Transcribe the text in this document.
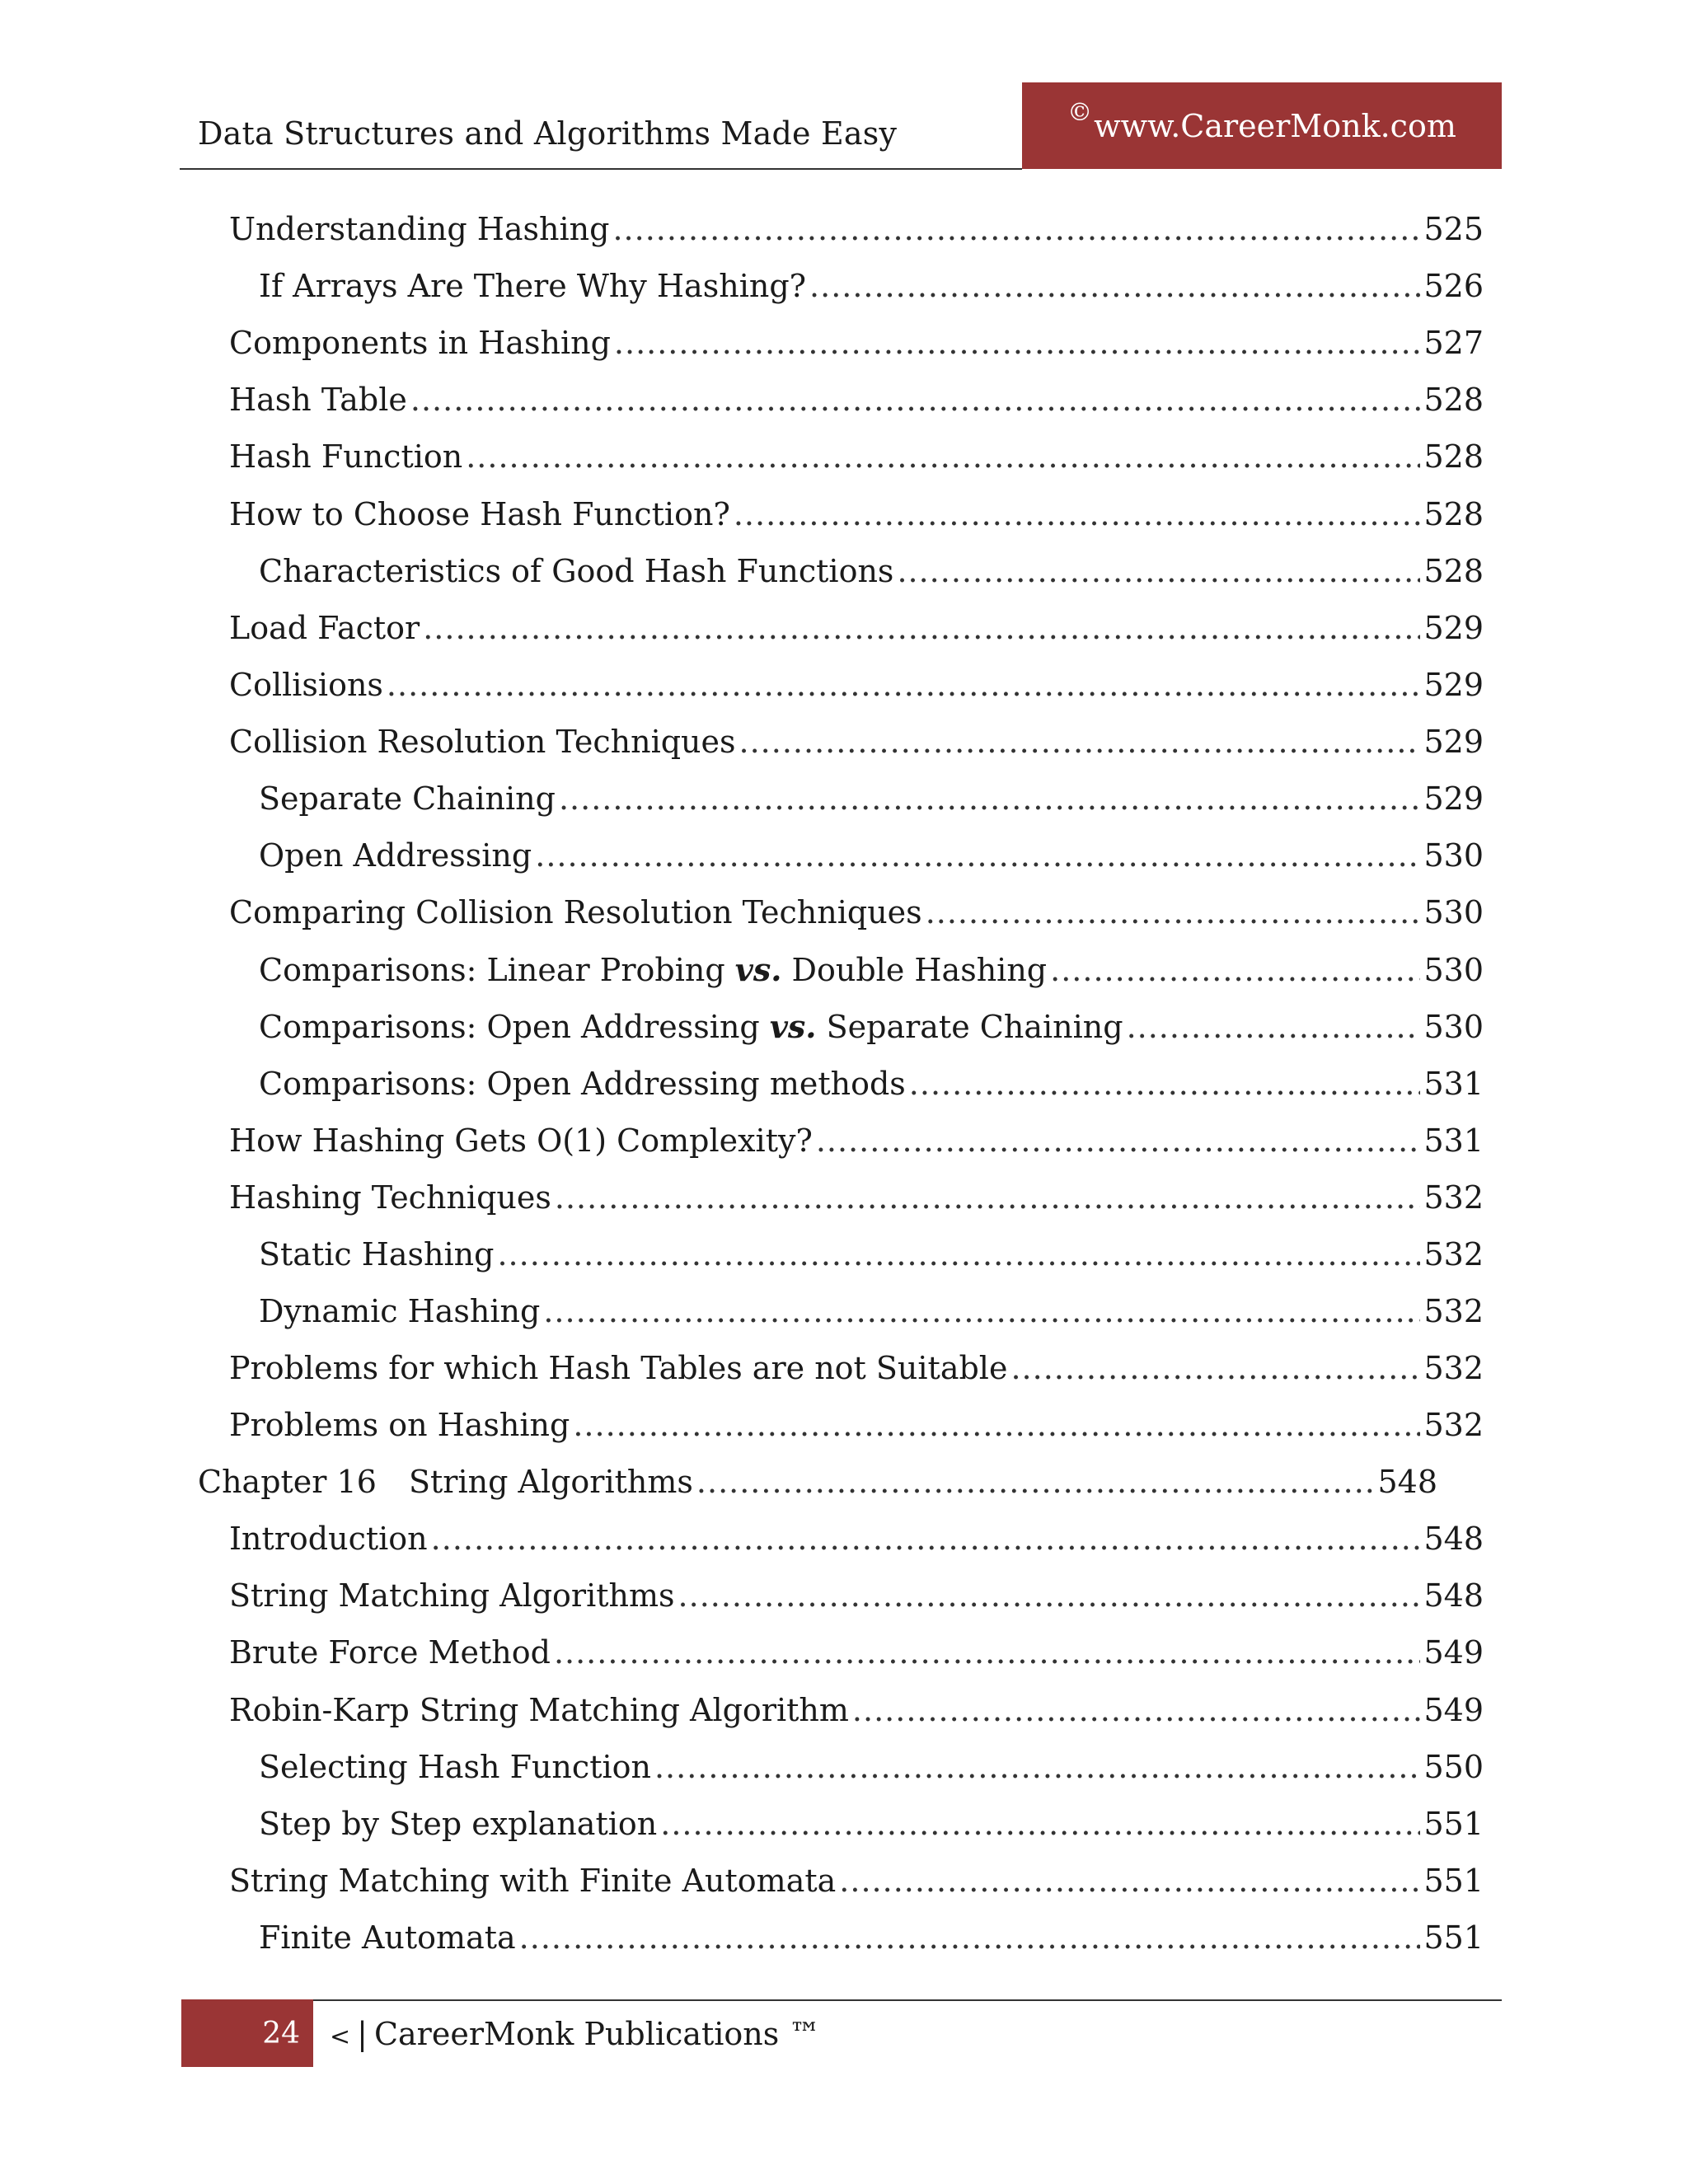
Data Structures and Algorithms Made Easy
© www.CareerMonk.com
Understanding Hashing .....	525
If Arrays Are There Why Hashing? .....	526
Components in Hashing .....	527
Hash Table .....	528
Hash Function .....	528
How to Choose Hash Function? .....	528
Characteristics of Good Hash Functions .....	528
Load Factor .....	529
Collisions .....	529
Collision Resolution Techniques .....	529
Separate Chaining .....	529
Open Addressing .....	530
Comparing Collision Resolution Techniques .....	530
Comparisons: Linear Probing vs. Double Hashing .....	530
Comparisons: Open Addressing vs. Separate Chaining .....	530
Comparisons: Open Addressing methods .....	531
How Hashing Gets O(1) Complexity? .....	531
Hashing Techniques .....	532
Static Hashing .....	532
Dynamic Hashing .....	532
Problems for which Hash Tables are not Suitable .....	532
Problems on Hashing .....	532
Chapter 16 String Algorithms .....	548
Introduction .....	548
String Matching Algorithms .....	548
Brute Force Method .....	549
Robin-Karp String Matching Algorithm .....	549
Selecting Hash Function .....	550
Step by Step explanation .....	551
String Matching with Finite Automata .....	551
Finite Automata .....	551
24 < | CareerMonk Publications ™
